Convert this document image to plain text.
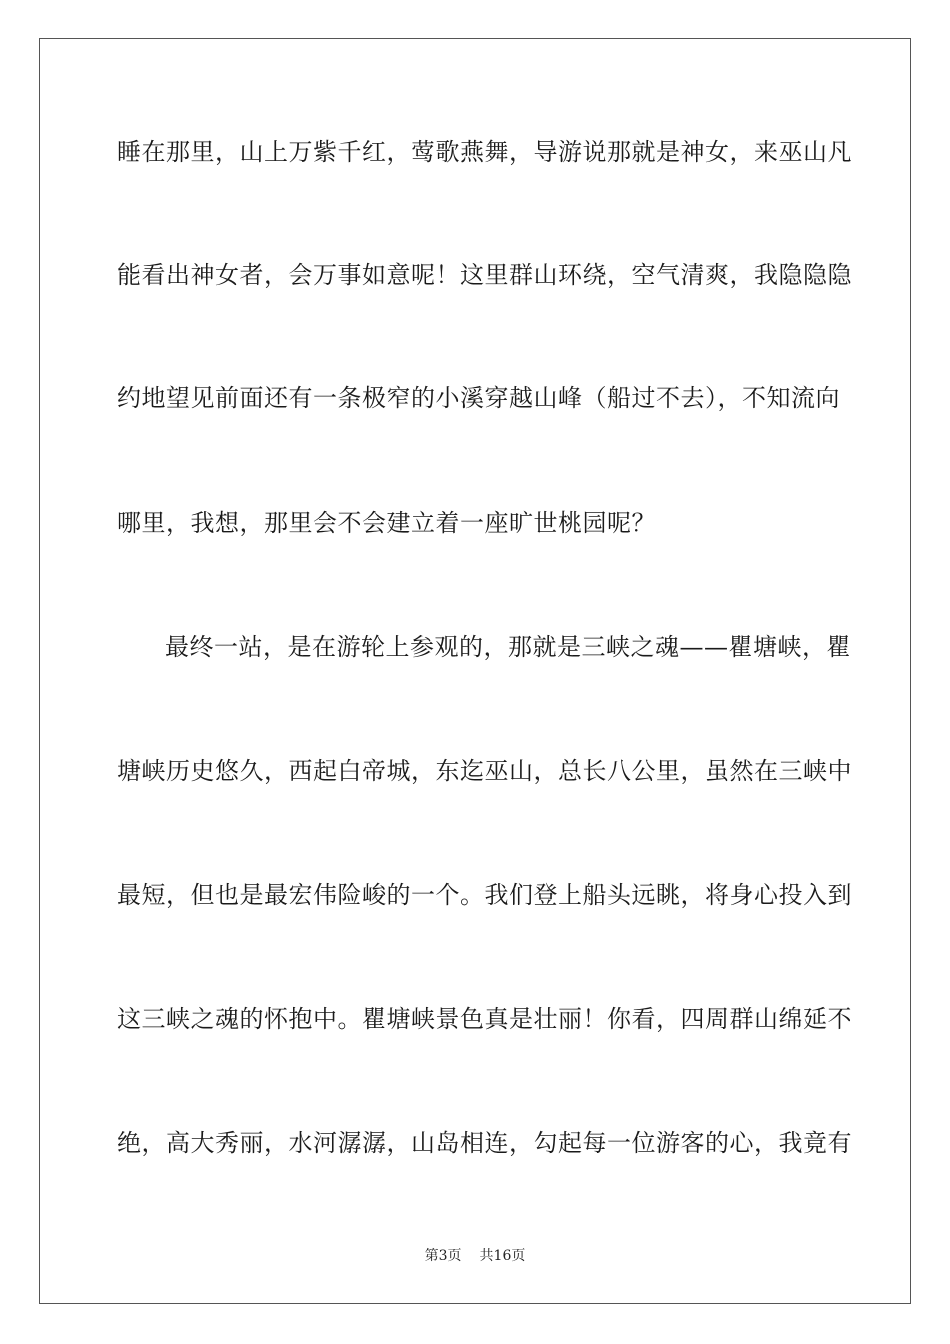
睡在那里，山上万紫千红，莺歌燕舞，导游说那就是神女，来巫山凡
能看出神女者，会万事如意呢！这里群山环绕，空气清爽，我隐隐隐
约地望见前面还有一条极窄的小溪穿越山峰（船过不去），不知流向
哪里，我想，那里会不会建立着一座旷世桃园呢？
最终一站，是在游轮上参观的，那就是三峡之魂——瞿塘峡，瞿
塘峡历史悠久，西起白帝城，东迄巫山，总长八公里，虽然在三峡中
最短，但也是最宏伟险峻的一个。我们登上船头远眺，将身心投入到
这三峡之魂的怀抱中。瞿塘峡景色真是壮丽！你看，四周群山绵延不
绝，高大秀丽，水河潺潺，山岛相连，勾起每一位游客的心，我竟有
第3页 共16页
